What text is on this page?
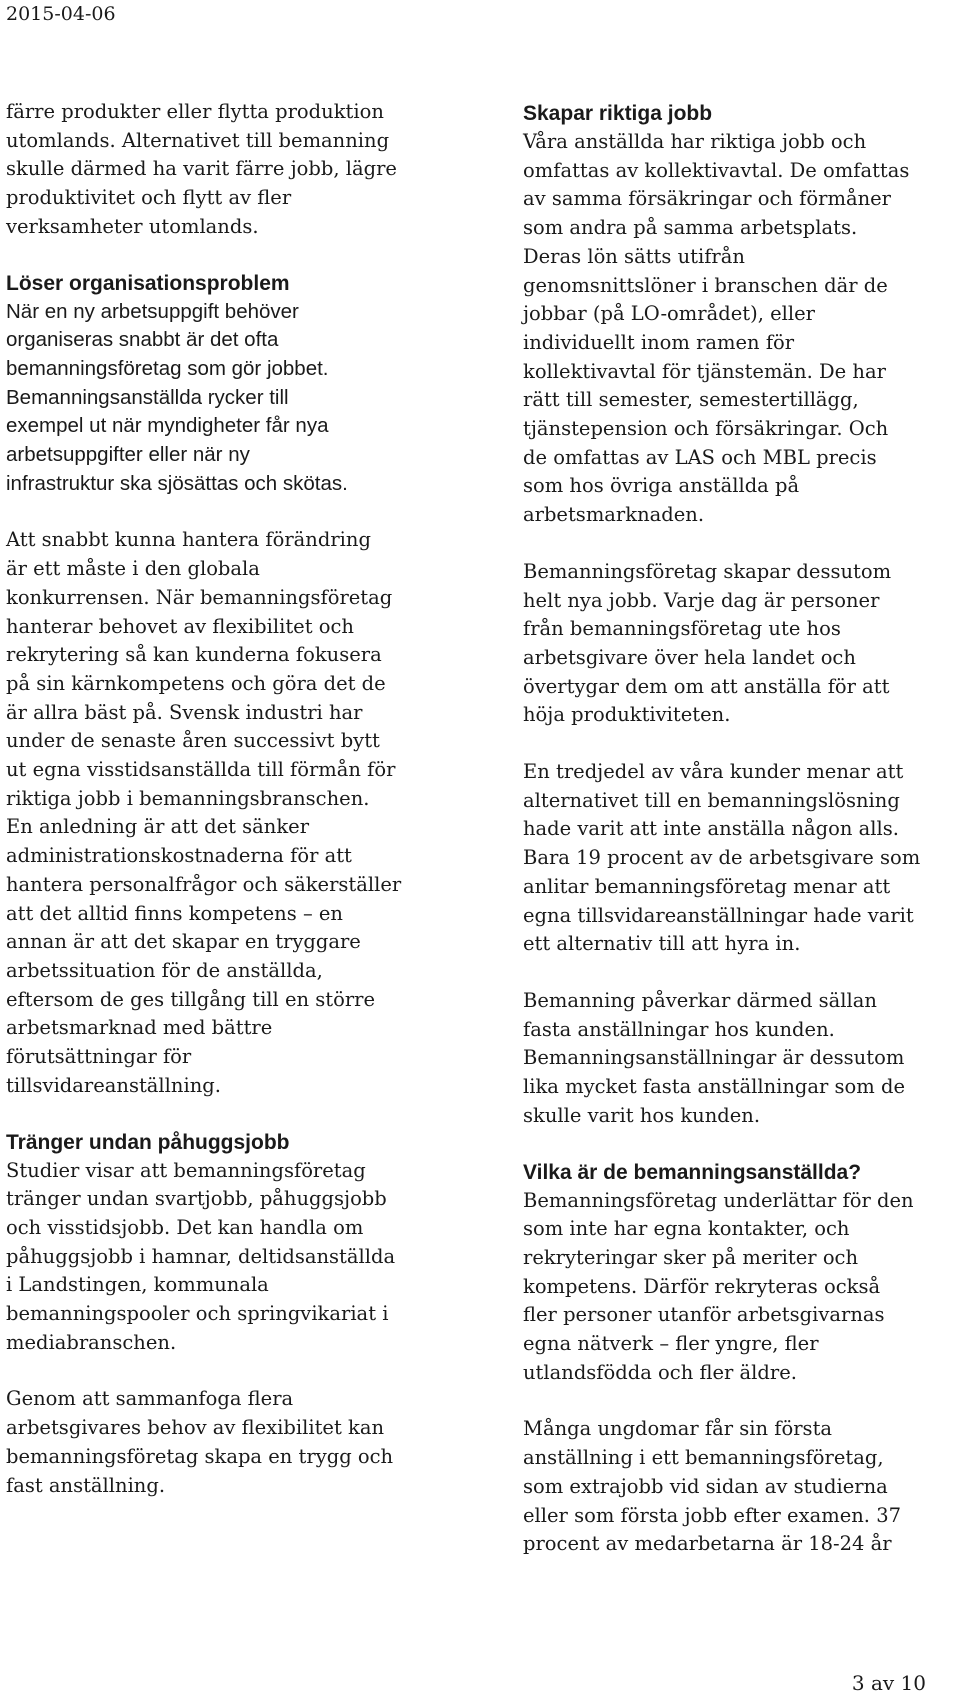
2015-04-06

färre produkter eller flytta produktion
utomlands. Alternativet till bemanning
skulle därmed ha varit färre jobb, lägre
produktivitet och flytt av fler
verksamheter utomlands.

Löser organisationsproblem

När en ny arbetsuppgift behöver
organiseras snabbt är det ofta
bemanningsföretag som gör jobbet.
Bemanningsanställda rycker till
exempel ut när myndigheter får nya
arbetsuppgifter eller när ny
infrastruktur ska sjösättas och skötas.

Att snabbt kunna hantera förändring
är ett måste i den globala
konkurrensen. När bemanningsföretag
hanterar behovet av flexibilitet och
rekrytering så kan kunderna fokusera
på sin kärnkompetens och göra det de
är allra bäst på. Svensk industri har
under de senaste åren successivt bytt
ut egna visstidsanställda till förmån för
riktiga jobb i bemanningsbranschen.
En anledning är att det sänker
administrationskostnaderna för att
hantera personalfrågor och säkerställer
att det alltid finns kompetens – en
annan är att det skapar en tryggare
arbetssituation för de anställda,
eftersom de ges tillgång till en större
arbetsmarknad med bättre
förutsättningar för
tillsvidareanställning.

Tränger undan påhuggsjobb

Studier visar att bemanningsföretag
tränger undan svartjobb, påhuggsjobb
och visstidsjobb. Det kan handla om
påhuggsjobb i hamnar, deltidsanställda
i Landstingen, kommunala
bemanningspooler och springvikariat i
mediabranschen.

Genom att sammanfoga flera
arbetsgivares behov av flexibilitet kan
bemanningsföretag skapa en trygg och
fast anställning.

Skapar riktiga jobb

Våra anställda har riktiga jobb och
omfattas av kollektivavtal. De omfattas
av samma försäkringar och förmåner
som andra på samma arbetsplats.
Deras lön sätts utifrån
genomsnittslöner i branschen där de
jobbar (på LO-området), eller
individuellt inom ramen för
kollektivavtal för tjänstemän. De har
rätt till semester, semestertillägg,
tjänstepension och försäkringar. Och
de omfattas av LAS och MBL precis
som hos övriga anställda på
arbetsmarknaden.

Bemanningsföretag skapar dessutom
helt nya jobb. Varje dag är personer
från bemanningsföretag ute hos
arbetsgivare över hela landet och
övertygar dem om att anställa för att
höja produktiviteten.

En tredjedel av våra kunder menar att
alternativet till en bemanningslösning
hade varit att inte anställa någon alls.
Bara 19 procent av de arbetsgivare som
anlitar bemanningsföretag menar att
egna tillsvidareanställningar hade varit
ett alternativ till att hyra in.

Bemanning påverkar därmed sällan
fasta anställningar hos kunden.
Bemanningsanställningar är dessutom
lika mycket fasta anställningar som de
skulle varit hos kunden.

Vilka är de bemanningsanställda?

Bemanningsföretag underlättar för den
som inte har egna kontakter, och
rekryteringar sker på meriter och
kompetens. Därför rekryteras också
fler personer utanför arbetsgivarnas
egna nätverk – fler yngre, fler
utlandsfödda och fler äldre.

Många ungdomar får sin första
anställning i ett bemanningsföretag,
som extrajobb vid sidan av studierna
eller som första jobb efter examen. 37
procent av medarbetarna är 18-24 år

3 av 10
